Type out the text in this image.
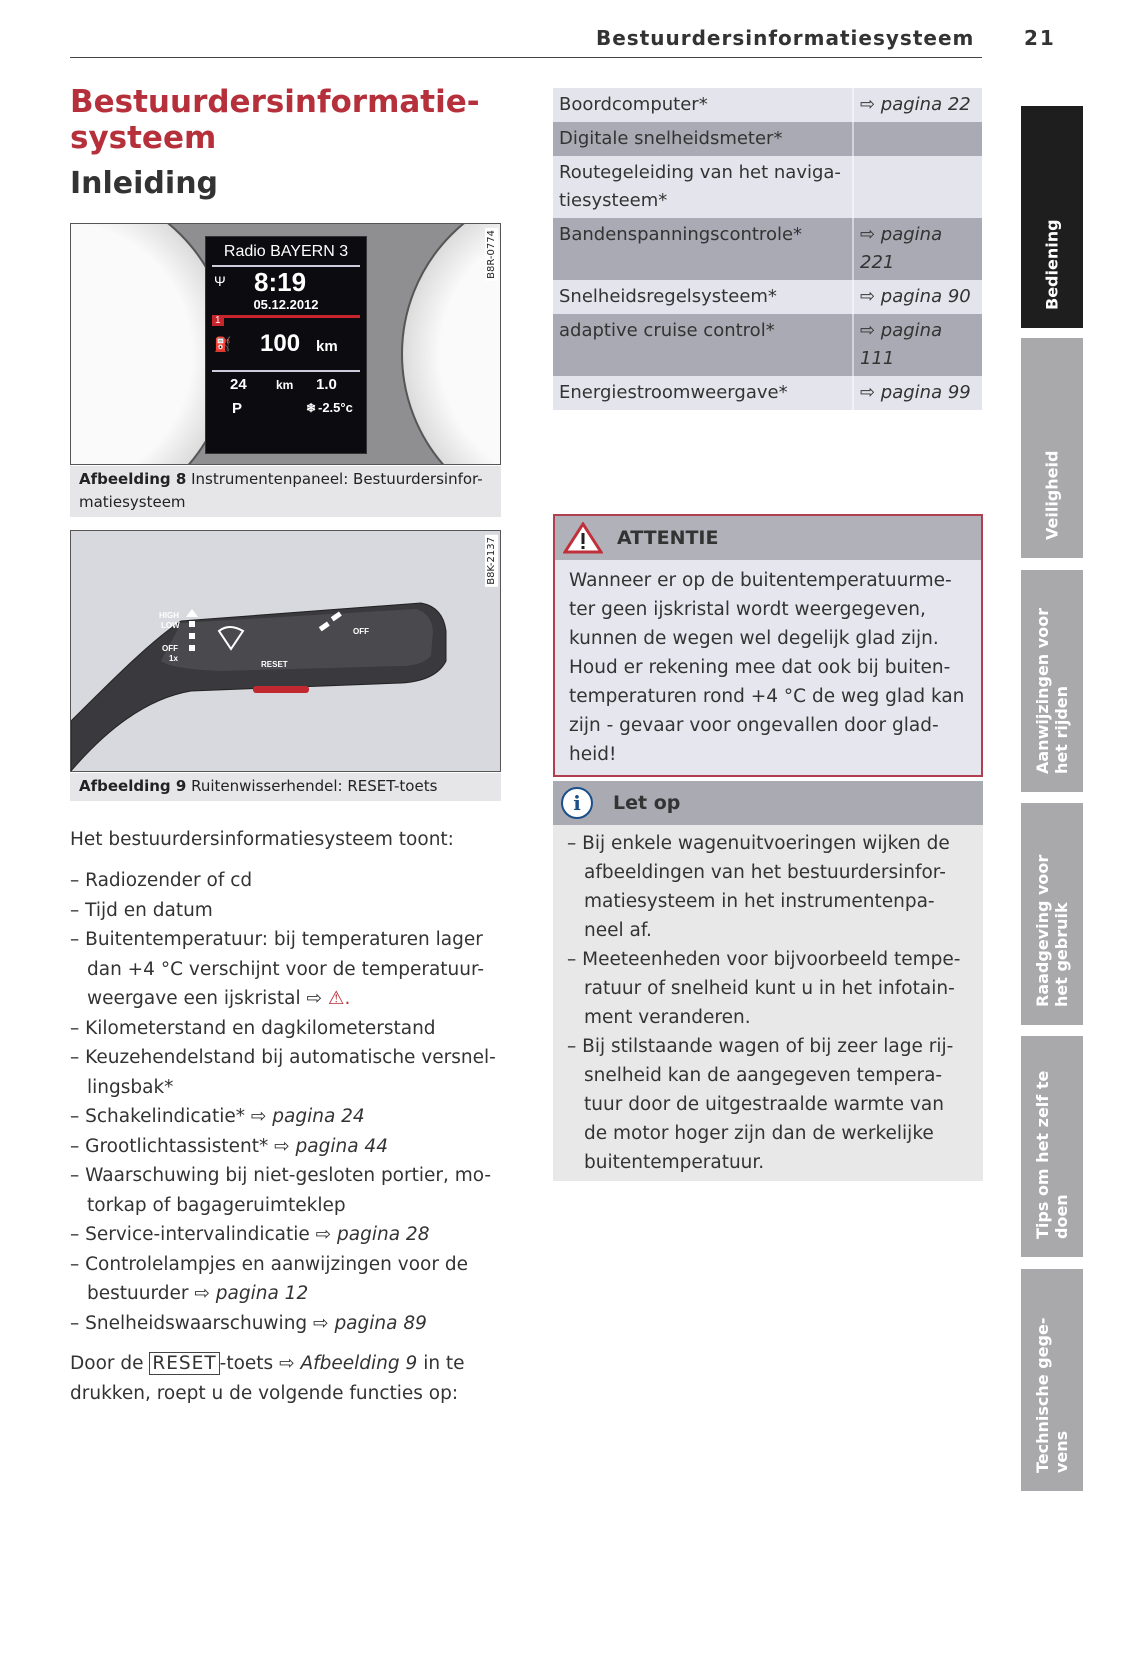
Bestuurdersinformatiesysteem 21
Bestuurdersinformatie-
systeem
Inleiding
Radio BAYERN 3
Ψ 8:19
05.12.2012
1
⛽ 100 km
24 km 1.0
P	❄ -2.5°c
B8R-0774
Afbeelding 8 Instrumentenpaneel: Bestuurdersinfor-matiesysteem
HIGH
LOW
OFF
1x
RESET
OFF
B8K-2137
Afbeelding 9 Ruitenwisserhendel: RESET-toets
Het bestuurdersinformatiesysteem toont:
– Radiozender of cd
– Tijd en datum
– Buitentemperatuur: bij temperaturen lager dan +4 °C verschijnt voor de temperatuur-weergave een ijskristal ⇨ ⚠.
– Kilometerstand en dagkilometerstand
– Keuzehendelstand bij automatische versnel-lingsbak*
– Schakelindicatie* ⇨ pagina 24
– Grootlichtassistent* ⇨ pagina 44
– Waarschuwing bij niet-gesloten portier, mo-torkap of bagageruimteklep
– Service-intervalindicatie ⇨ pagina 28
– Controlelampjes en aanwijzingen voor de bestuurder ⇨ pagina 12
– Snelheidswaarschuwing ⇨ pagina 89
Door de RESET -toets ⇨ Afbeelding 9 in te drukken, roept u de volgende functies op:
Boordcomputer*	⇨ pagina 22
Digitale snelheidsmeter*
Routegeleiding van het naviga-tiesysteem*
Bandenspanningscontrole*	⇨ pagina 221
Snelheidsregelsysteem*	⇨ pagina 90
adaptive cruise control*	⇨ pagina 111
Energiestroomweergave*	⇨ pagina 99
ATTENTIE
Wanneer er op de buitentemperatuurme-ter geen ijskristal wordt weergegeven, kunnen de wegen wel degelijk glad zijn. Houd er rekening mee dat ook bij buiten-temperaturen rond +4 °C de weg glad kan zijn - gevaar voor ongevallen door glad-heid!
i	Let op
– Bij enkele wagenuitvoeringen wijken de afbeeldingen van het bestuurdersinfor-matiesysteem in het instrumentenpa-neel af.
– Meeteenheden voor bijvoorbeeld tempe-ratuur of snelheid kunt u in het infotain-ment veranderen.
– Bij stilstaande wagen of bij zeer lage rij-snelheid kan de aangegeven tempera-tuur door de uitgestraalde warmte van de motor hoger zijn dan de werkelijke buitentemperatuur.
Bediening
Veiligheid
Aanwijzingen voor het rijden
Raadgeving voor het gebruik
Tips om het zelf te doen
Technische gege-vens
